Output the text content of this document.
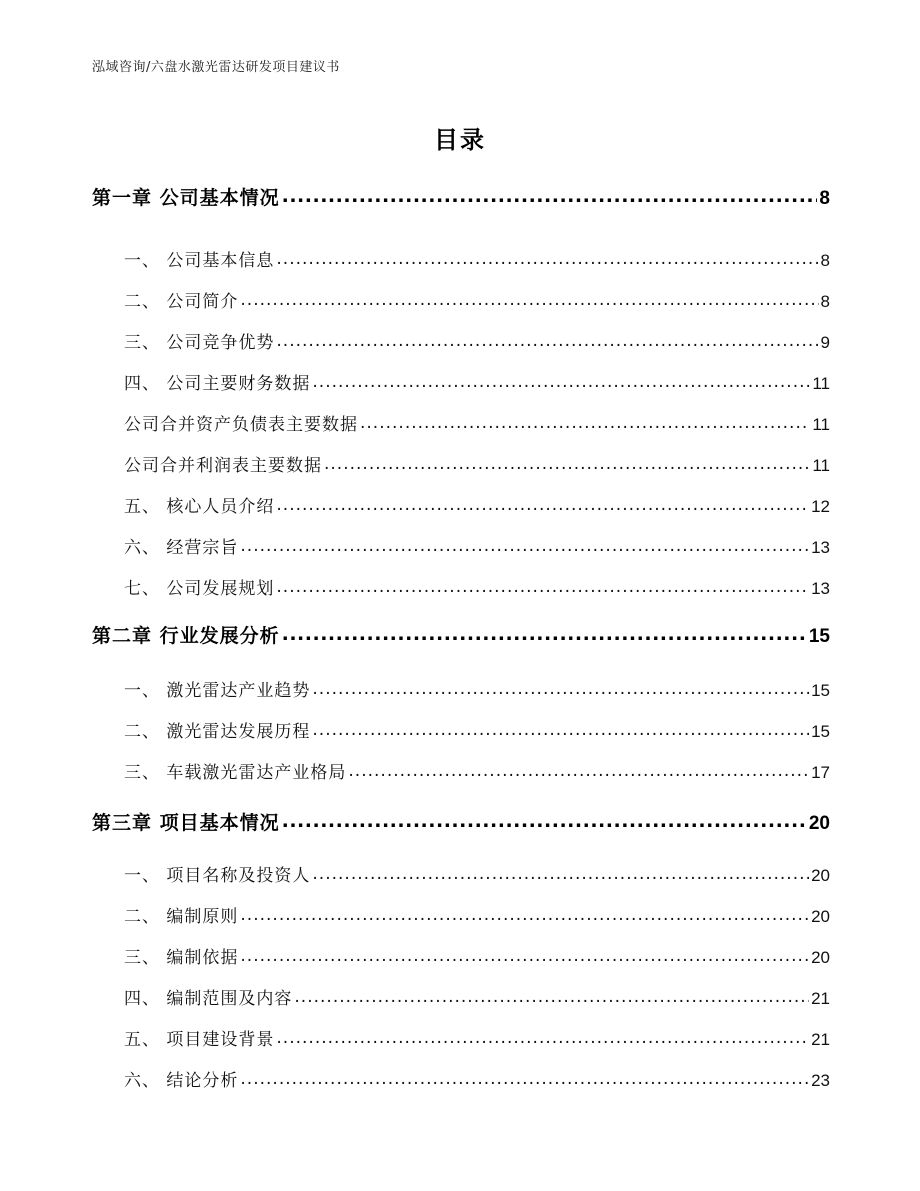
泓域咨询/六盘水激光雷达研发项目建议书
目录
第一章 公司基本情况 .....	8
一、 公司基本信息 .....	8
二、 公司简介 .....	8
三、 公司竞争优势 .....	9
四、 公司主要财务数据 .....	11
公司合并资产负债表主要数据 .....	11
公司合并利润表主要数据 .....	11
五、 核心人员介绍 .....	12
六、 经营宗旨 .....	13
七、 公司发展规划 .....	13
第二章 行业发展分析 .....	15
一、 激光雷达产业趋势 .....	15
二、 激光雷达发展历程 .....	15
三、 车载激光雷达产业格局 .....	17
第三章 项目基本情况 .....	20
一、 项目名称及投资人 .....	20
二、 编制原则 .....	20
三、 编制依据 .....	20
四、 编制范围及内容 .....	21
五、 项目建设背景 .....	21
六、 结论分析 .....	23
